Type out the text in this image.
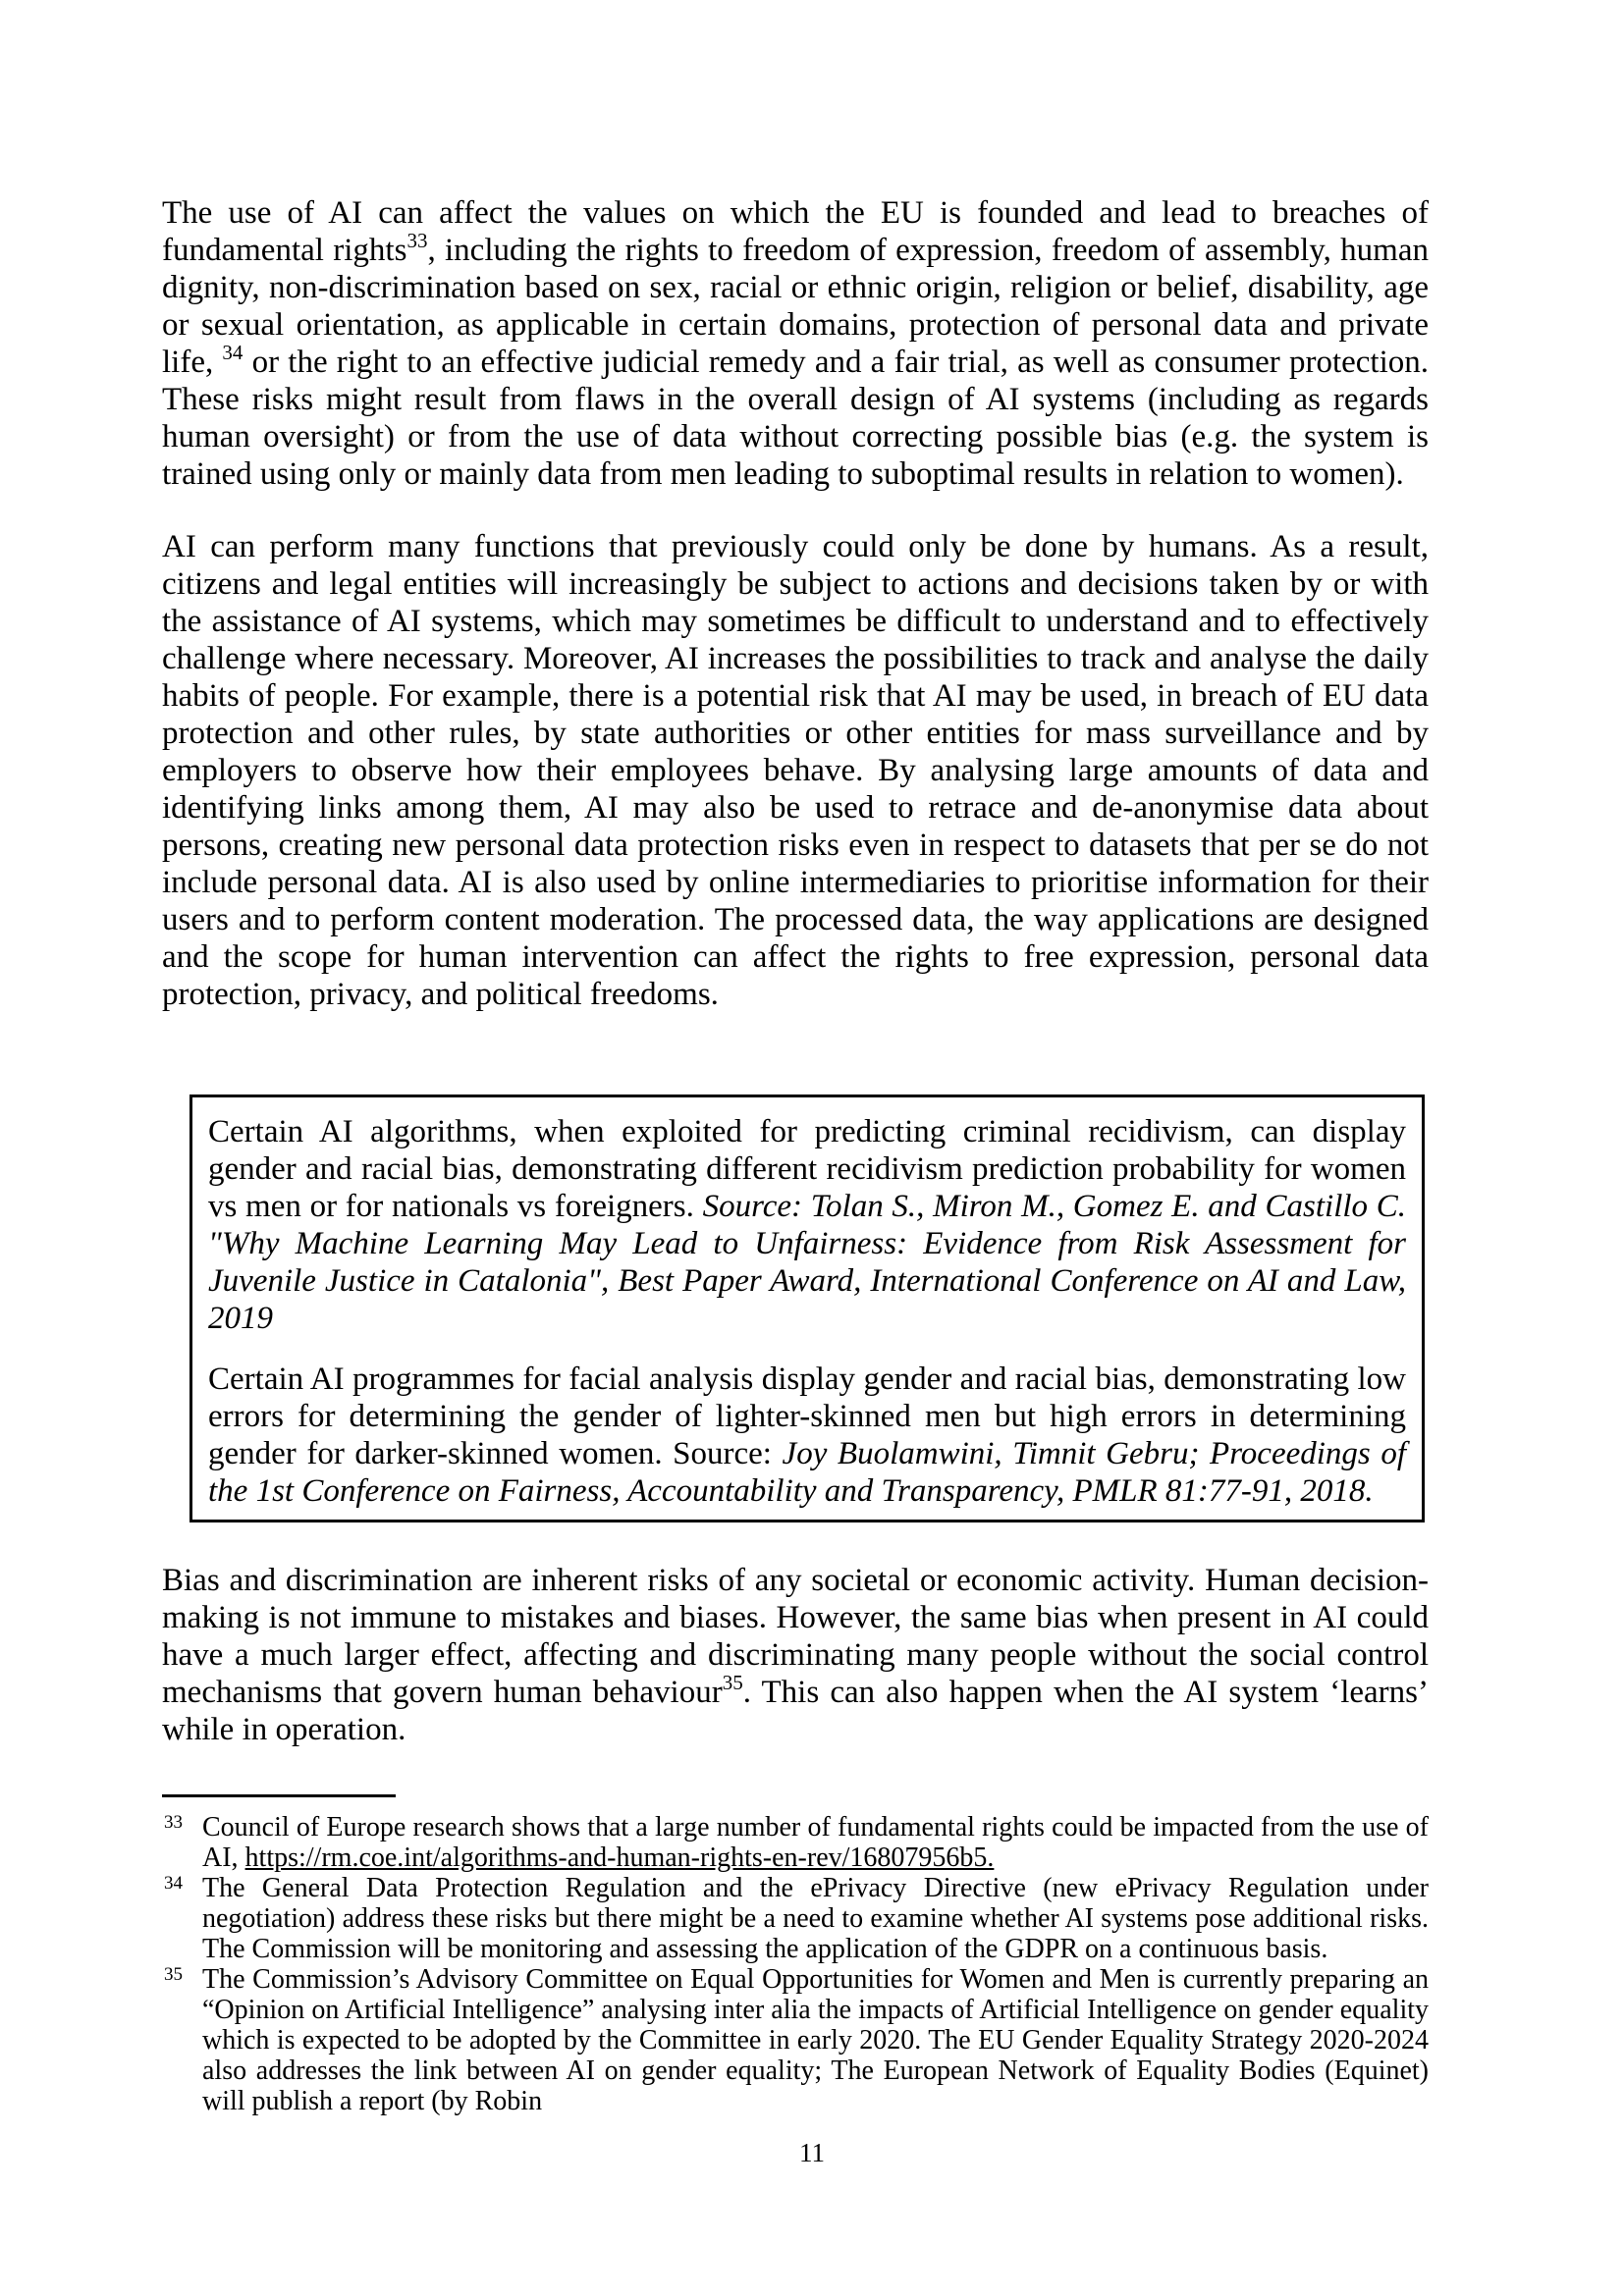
The use of AI can affect the values on which the EU is founded and lead to breaches of fundamental rights$^{33}$, including the rights to freedom of expression, freedom of assembly, human dignity, non-discrimination based on sex, racial or ethnic origin, religion or belief, disability, age or sexual orientation, as applicable in certain domains, protection of personal data and private life, $^{34}$ or the right to an effective judicial remedy and a fair trial, as well as consumer protection. These risks might result from flaws in the overall design of AI systems (including as regards human oversight) or from the use of data without correcting possible bias (e.g. the system is trained using only or mainly data from men leading to suboptimal results in relation to women).
AI can perform many functions that previously could only be done by humans. As a result, citizens and legal entities will increasingly be subject to actions and decisions taken by or with the assistance of AI systems, which may sometimes be difficult to understand and to effectively challenge where necessary. Moreover, AI increases the possibilities to track and analyse the daily habits of people. For example, there is a potential risk that AI may be used, in breach of EU data protection and other rules, by state authorities or other entities for mass surveillance and by employers to observe how their employees behave. By analysing large amounts of data and identifying links among them, AI may also be used to retrace and de-anonymise data about persons, creating new personal data protection risks even in respect to datasets that per se do not include personal data. AI is also used by online intermediaries to prioritise information for their users and to perform content moderation. The processed data, the way applications are designed and the scope for human intervention can affect the rights to free expression, personal data protection, privacy, and political freedoms.
Certain AI algorithms, when exploited for predicting criminal recidivism, can display gender and racial bias, demonstrating different recidivism prediction probability for women vs men or for nationals vs foreigners. Source: Tolan S., Miron M., Gomez E. and Castillo C. "Why Machine Learning May Lead to Unfairness: Evidence from Risk Assessment for Juvenile Justice in Catalonia", Best Paper Award, International Conference on AI and Law, 2019
Certain AI programmes for facial analysis display gender and racial bias, demonstrating low errors for determining the gender of lighter-skinned men but high errors in determining gender for darker-skinned women. Source: Joy Buolamwini, Timnit Gebru; Proceedings of the 1st Conference on Fairness, Accountability and Transparency, PMLR 81:77-91, 2018.
Bias and discrimination are inherent risks of any societal or economic activity. Human decision-making is not immune to mistakes and biases. However, the same bias when present in AI could have a much larger effect, affecting and discriminating many people without the social control mechanisms that govern human behaviour$^{35}$. This can also happen when the AI system ‘learns’ while in operation.
33 Council of Europe research shows that a large number of fundamental rights could be impacted from the use of AI, https://rm.coe.int/algorithms-and-human-rights-en-rev/16807956b5.
34 The General Data Protection Regulation and the ePrivacy Directive (new ePrivacy Regulation under negotiation) address these risks but there might be a need to examine whether AI systems pose additional risks. The Commission will be monitoring and assessing the application of the GDPR on a continuous basis.
35 The Commission’s Advisory Committee on Equal Opportunities for Women and Men is currently preparing an “Opinion on Artificial Intelligence” analysing inter alia the impacts of Artificial Intelligence on gender equality which is expected to be adopted by the Committee in early 2020. The EU Gender Equality Strategy 2020-2024 also addresses the link between AI on gender equality; The European Network of Equality Bodies (Equinet) will publish a report (by Robin
11
